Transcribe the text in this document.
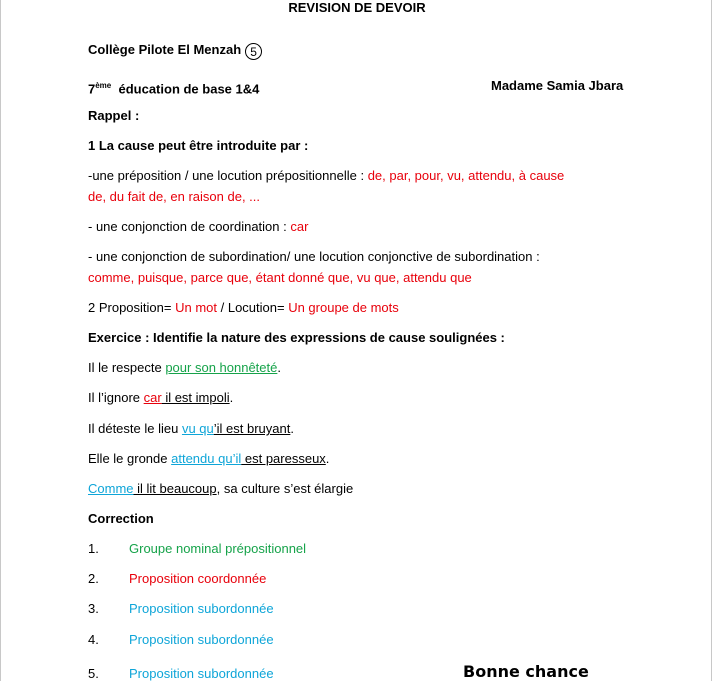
REVISION DE DEVOIR
Collège Pilote El Menzah 5
7ème éducation de base 1&4	Madame Samia Jbara
Rappel :
1 La cause peut être introduite par :
-une préposition / une locution prépositionnelle : de, par, pour, vu, attendu, à cause
de, du fait de, en raison de, ...
- une conjonction de coordination : car
- une conjonction de subordination/ une locution conjonctive de subordination :
comme, puisque, parce que, étant donné que, vu que, attendu que
2 Proposition= Un mot / Locution= Un groupe de mots
Exercice : Identifie la nature des expressions de cause soulignées :
Il le respecte pour son honnêteté.
Il l’ignore car il est impoli.
Il déteste le lieu vu qu’il est bruyant.
Elle le gronde attendu qu’il est paresseux.
Comme il lit beaucoup, sa culture s’est élargie
Correction
1. Groupe nominal prépositionnel
2. Proposition coordonnée
3. Proposition subordonnée
4. Proposition subordonnée
5. Proposition subordonnée	Bonne chance
